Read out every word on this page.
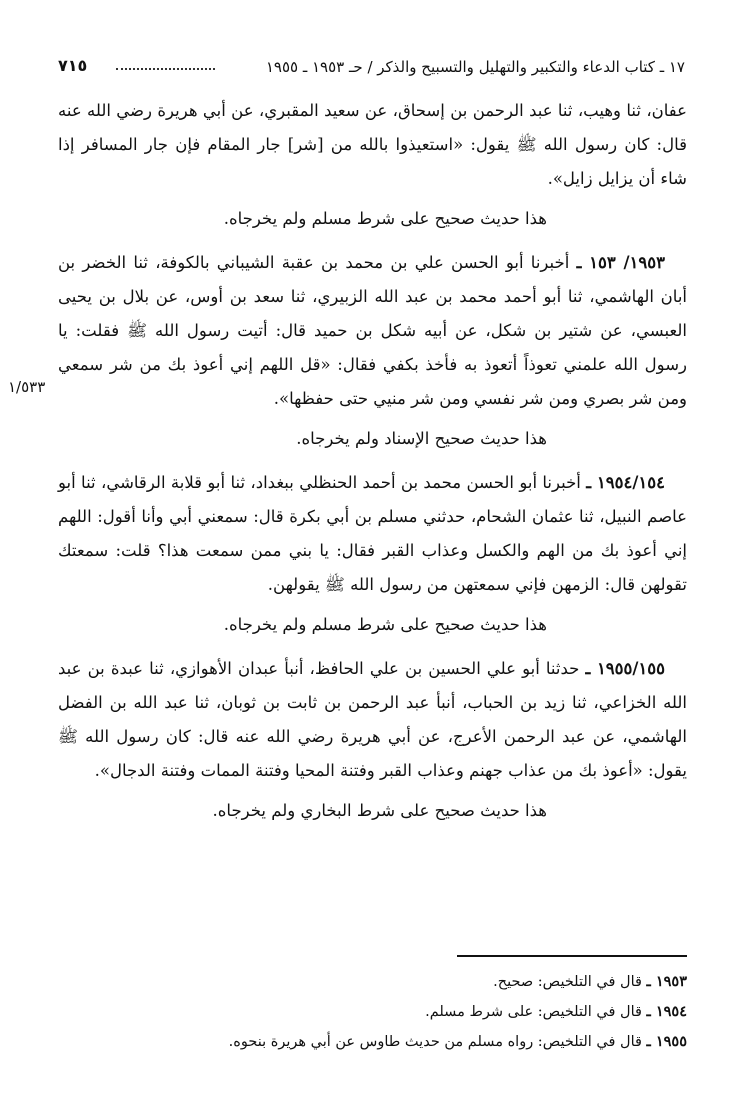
١٧ ـ كتاب الدعاء والتكبير والتهليل والتسبيح والذكر / حـ ١٩٥٣ ـ ١٩٥٥
٧١٥
١/٥٣٣

عفان، ثنا وهيب، ثنا عبد الرحمن بن إسحاق، عن سعيد المقبري، عن أبي هريرة رضي الله عنه قال: كان رسول الله ﷺ يقول: «استعيذوا بالله من [شر] جار المقام فإن جار المسافر إذا شاء أن يزايل زايل».

هذا حديث صحيح على شرط مسلم ولم يخرجاه.

١٩٥٣/ ١٥٣ ـ أخبرنا أبو الحسن علي بن محمد بن عقبة الشيباني بالكوفة، ثنا الخضر بن أبان الهاشمي، ثنا أبو أحمد محمد بن عبد الله الزبيري، ثنا سعد بن أوس، عن بلال بن يحيى العبسي، عن شتير بن شكل، عن أبيه شكل بن حميد قال: أتيت رسول الله ﷺ فقلت: يا رسول الله علمني تعوذاً أتعوذ به فأخذ بكفي فقال: «قل اللهم إني أعوذ بك من شر سمعي ومن شر بصري ومن شر نفسي ومن شر منيي حتى حفظها».

هذا حديث صحيح الإسناد ولم يخرجاه.

١٩٥٤/١٥٤ ـ أخبرنا أبو الحسن محمد بن أحمد الحنظلي ببغداد، ثنا أبو قلابة الرقاشي، ثنا أبو عاصم النبيل، ثنا عثمان الشحام، حدثني مسلم بن أبي بكرة قال: سمعني أبي وأنا أقول: اللهم إني أعوذ بك من الهم والكسل وعذاب القبر فقال: يا بني ممن سمعت هذا؟ قلت: سمعتك تقولهن قال: الزمهن فإني سمعتهن من رسول الله ﷺ يقولهن.

هذا حديث صحيح على شرط مسلم ولم يخرجاه.

١٩٥٥/١٥٥ ـ حدثنا أبو علي الحسين بن علي الحافظ، أنبأ عبدان الأهوازي، ثنا عبدة بن عبد الله الخزاعي، ثنا زيد بن الحباب، أنبأ عبد الرحمن بن ثابت بن ثوبان، ثنا عبد الله بن الفضل الهاشمي، عن عبد الرحمن الأعرج، عن أبي هريرة رضي الله عنه قال: كان رسول الله ﷺ يقول: «أعوذ بك من عذاب جهنم وعذاب القبر وفتنة المحيا وفتنة الممات وفتنة الدجال».

هذا حديث صحيح على شرط البخاري ولم يخرجاه.

١٩٥٣ ـ قال في التلخيص: صحيح.
١٩٥٤ ـ قال في التلخيص: على شرط مسلم.
١٩٥٥ ـ قال في التلخيص: رواه مسلم من حديث طاوس عن أبي هريرة بنحوه.
